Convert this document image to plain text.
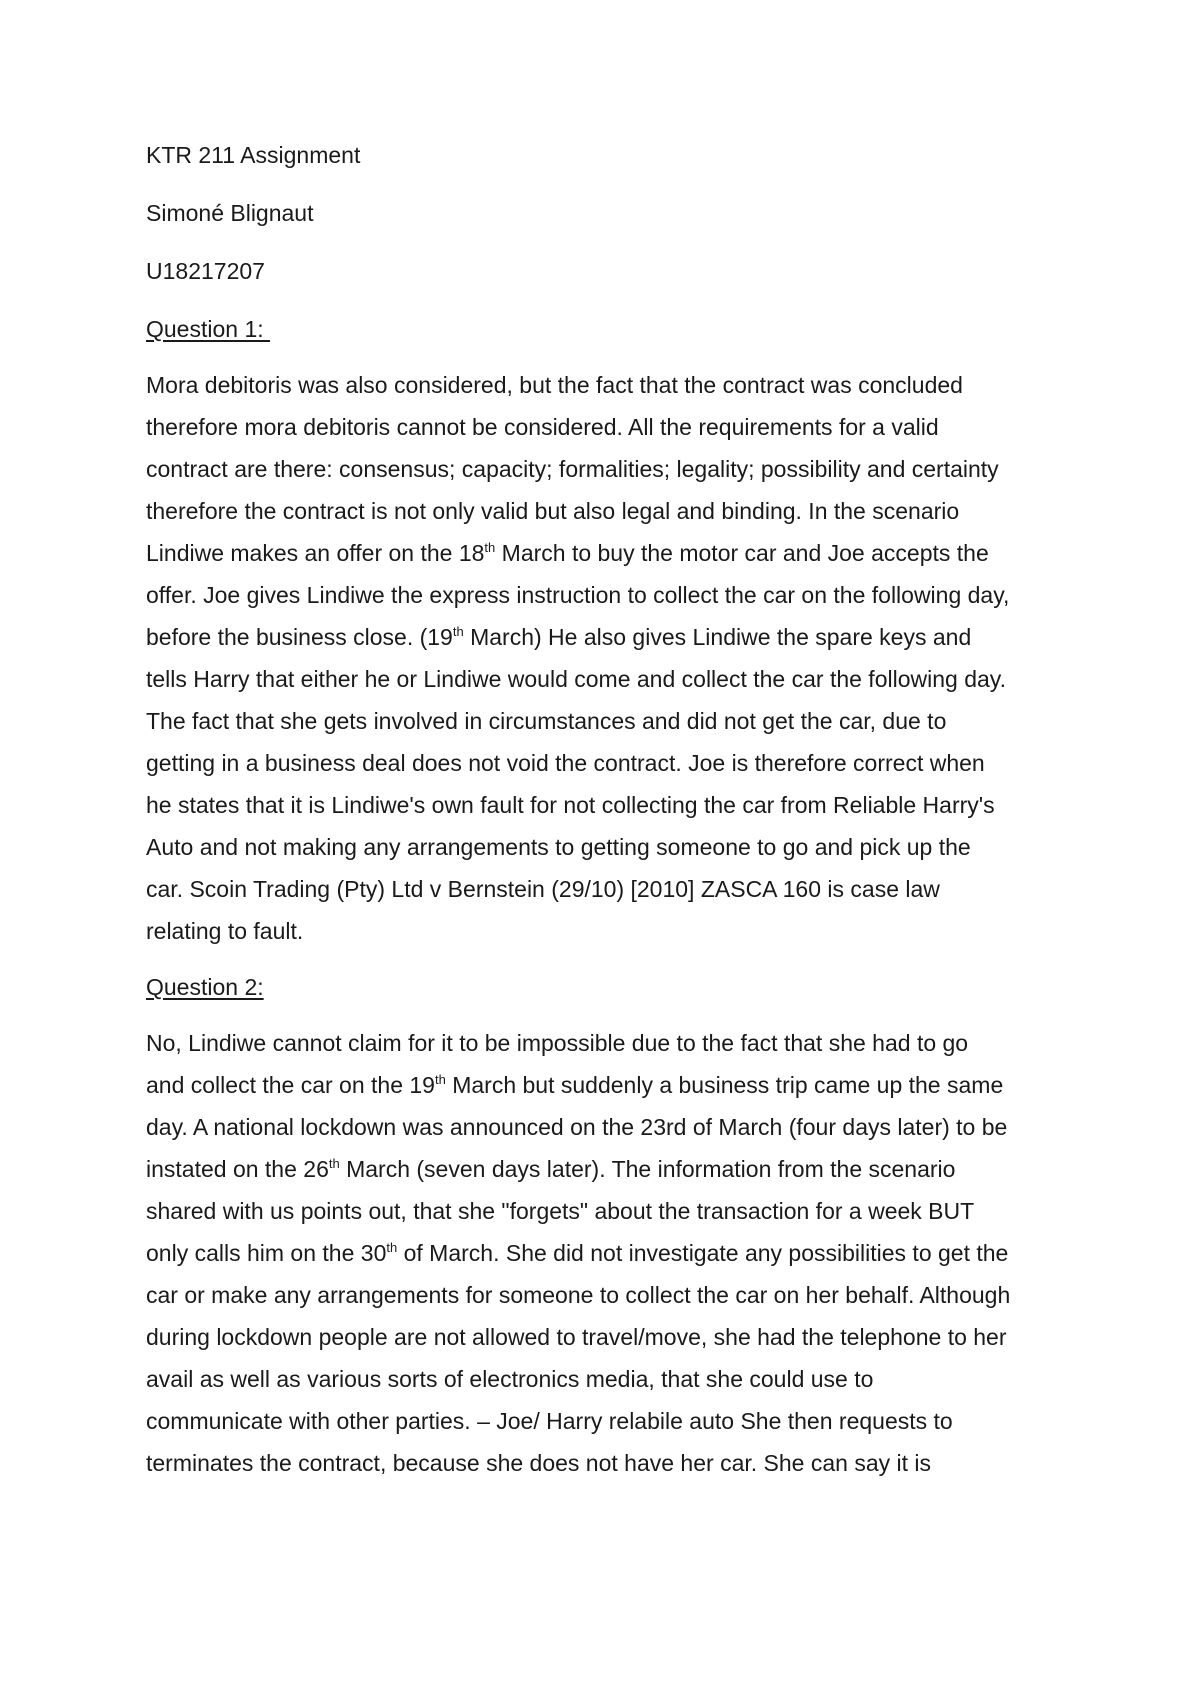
KTR 211 Assignment

Simoné Blignaut

U18217207

Question 1:

Mora debitoris was also considered, but the fact that the contract was concluded
therefore mora debitoris cannot be considered. All the requirements for a valid
contract are there: consensus; capacity; formalities; legality; possibility and certainty
therefore the contract is not only valid but also legal and binding. In the scenario
Lindiwe makes an offer on the 18th March to buy the motor car and Joe accepts the
offer. Joe gives Lindiwe the express instruction to collect the car on the following day,
before the business close. (19th March) He also gives Lindiwe the spare keys and
tells Harry that either he or Lindiwe would come and collect the car the following day.
The fact that she gets involved in circumstances and did not get the car, due to
getting in a business deal does not void the contract. Joe is therefore correct when
he states that it is Lindiwe's own fault for not collecting the car from Reliable Harry's
Auto and not making any arrangements to getting someone to go and pick up the
car. Scoin Trading (Pty) Ltd v Bernstein (29/10) [2010] ZASCA 160 is case law
relating to fault.

Question 2:

No, Lindiwe cannot claim for it to be impossible due to the fact that she had to go
and collect the car on the 19th March but suddenly a business trip came up the same
day. A national lockdown was announced on the 23rd of March (four days later) to be
instated on the 26th March (seven days later). The information from the scenario
shared with us points out, that she "forgets" about the transaction for a week BUT
only calls him on the 30th of March. She did not investigate any possibilities to get the
car or make any arrangements for someone to collect the car on her behalf. Although
during lockdown people are not allowed to travel/move, she had the telephone to her
avail as well as various sorts of electronics media, that she could use to
communicate with other parties. – Joe/ Harry relabile auto She then requests to
terminates the contract, because she does not have her car. She can say it is
